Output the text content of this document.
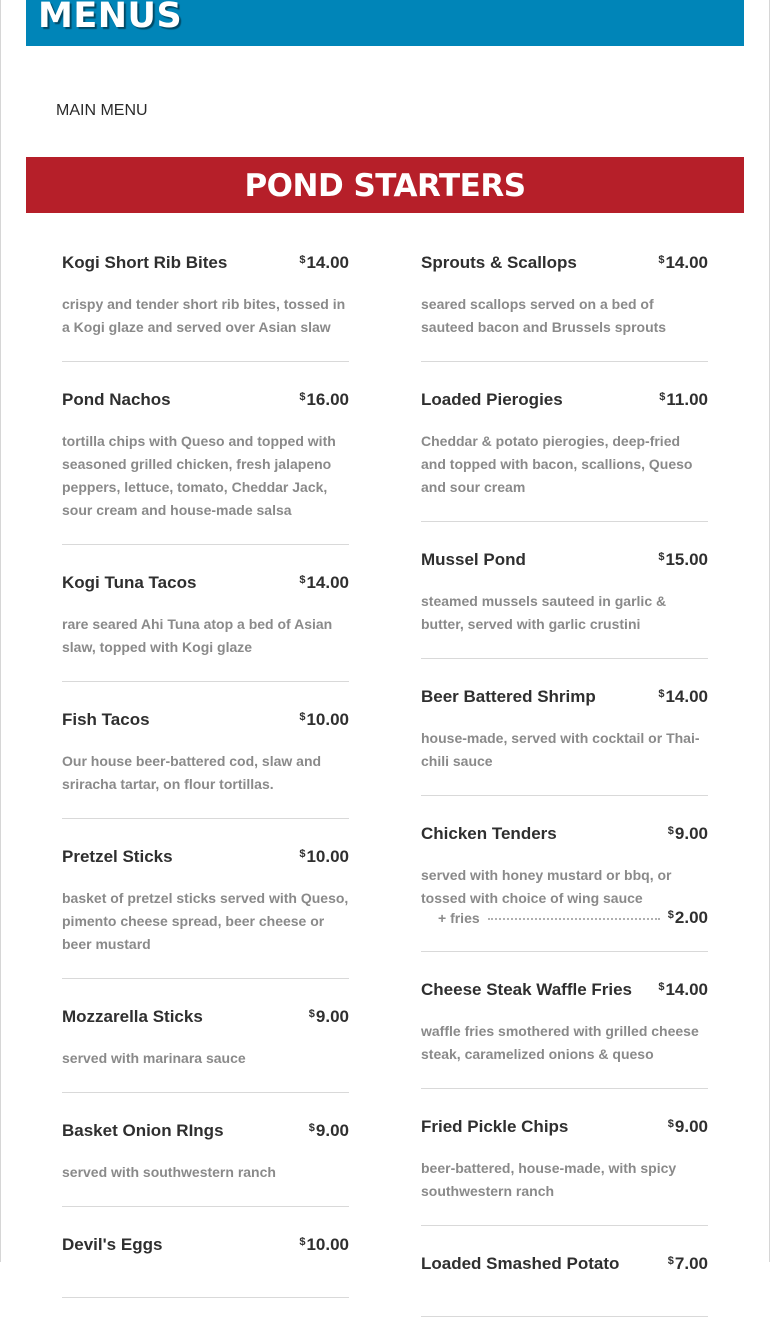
MENUS
MAIN MENU
POND STARTERS
Kogi Short Rib Bites	$14.00
crispy and tender short rib bites, tossed in a Kogi glaze and served over Asian slaw
Pond Nachos	$16.00
tortilla chips with Queso and topped with seasoned grilled chicken, fresh jalapeno peppers, lettuce, tomato, Cheddar Jack, sour cream and house-made salsa
Kogi Tuna Tacos	$14.00
rare seared Ahi Tuna atop a bed of Asian slaw, topped with Kogi glaze
Fish Tacos	$10.00
Our house beer-battered cod, slaw and sriracha tartar, on flour tortillas.
Pretzel Sticks	$10.00
basket of pretzel sticks served with Queso, pimento cheese spread, beer cheese or beer mustard
Mozzarella Sticks	$9.00
served with marinara sauce
Basket Onion RIngs	$9.00
served with southwestern ranch
Devil's Eggs	$10.00
Sprouts & Scallops	$14.00
seared scallops served on a bed of sauteed bacon and Brussels sprouts
Loaded Pierogies	$11.00
Cheddar & potato pierogies, deep-fried and topped with bacon, scallions, Queso and sour cream
Mussel Pond	$15.00
steamed mussels sauteed in garlic & butter, served with garlic crustini
Beer Battered Shrimp	$14.00
house-made, served with cocktail or Thai-chili sauce
Chicken Tenders	$9.00
served with honey mustard or bbq, or tossed with choice of wing sauce
+ fries	$2.00
Cheese Steak Waffle Fries $14.00
waffle fries smothered with grilled cheese steak, caramelized onions & queso
Fried Pickle Chips	$9.00
beer-battered, house-made, with spicy southwestern ranch
Loaded Smashed Potato	$7.00
